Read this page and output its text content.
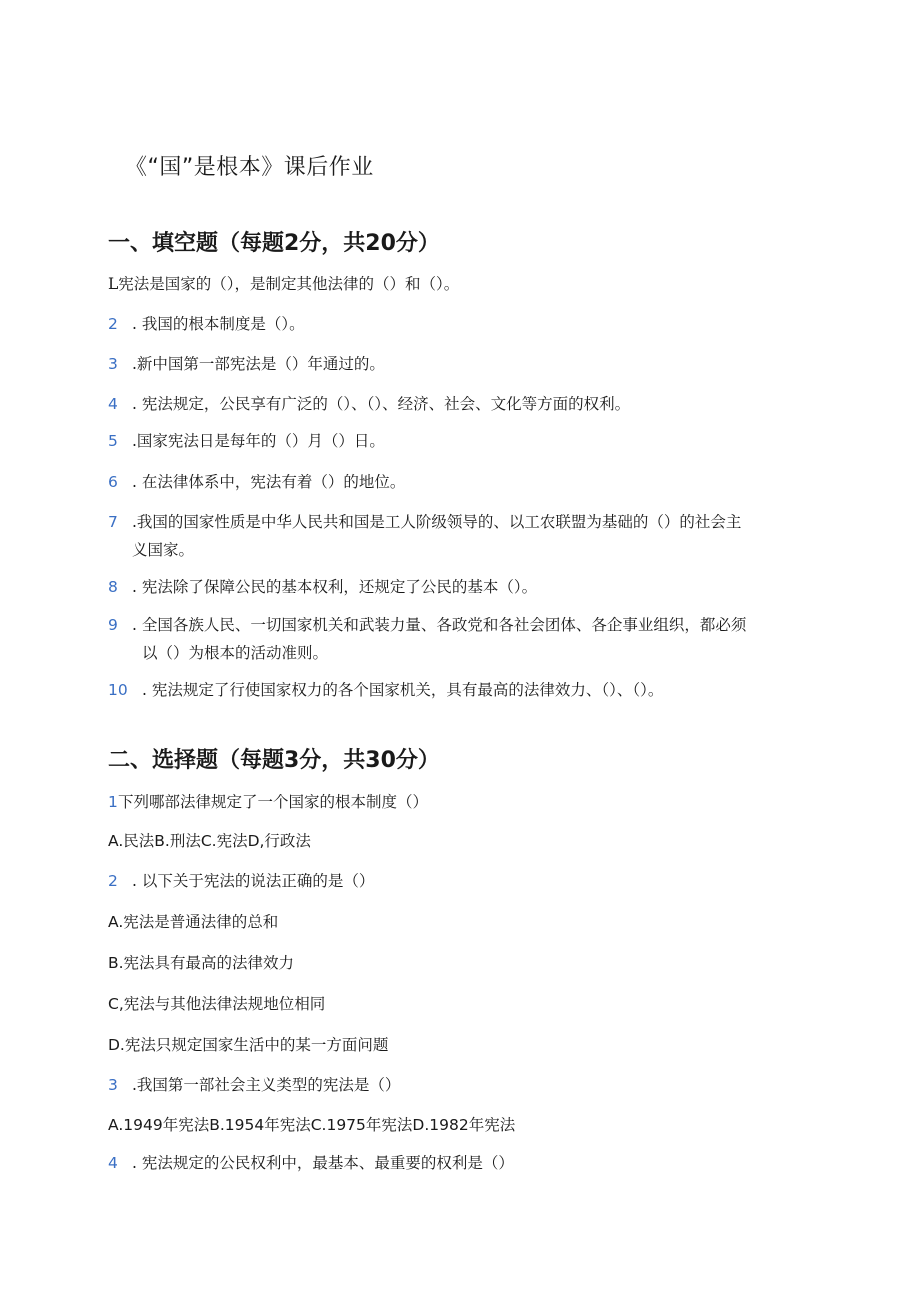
《“国”是根本》课后作业
一、填空题（每题2分，共20分）
L宪法是国家的（），是制定其他法律的（）和（）。
2 . 我国的根本制度是（）。
3 .新中国第一部宪法是（）年通过的。
4 . 宪法规定，公民享有广泛的（）、（）、经济、社会、文化等方面的权利。
5 .国家宪法日是每年的（）月（）日。
6 . 在法律体系中，宪法有着（）的地位。
7 .我国的国家性质是中华人民共和国是工人阶级领导的、以工农联盟为基础的（）的社会主
义国家。
8 . 宪法除了保障公民的基本权利，还规定了公民的基本（）。
9 . 全国各族人民、一切国家机关和武装力量、各政党和各社会团体、各企事业组织，都必须
以（）为根本的活动准则。
10 . 宪法规定了行使国家权力的各个国家机关，具有最高的法律效力、（）、（）。
二、选择题（每题3分，共30分）
1下列哪部法律规定了一个国家的根本制度（）
A.民法B.刑法C.宪法D,行政法
2 . 以下关于宪法的说法正确的是（）
A.宪法是普通法律的总和
B.宪法具有最高的法律效力
C,宪法与其他法律法规地位相同
D.宪法只规定国家生活中的某一方面问题
3 .我国第一部社会主义类型的宪法是（）
A.1949年宪法B.1954年宪法C.1975年宪法D.1982年宪法
4 . 宪法规定的公民权利中，最基本、最重要的权利是（）
